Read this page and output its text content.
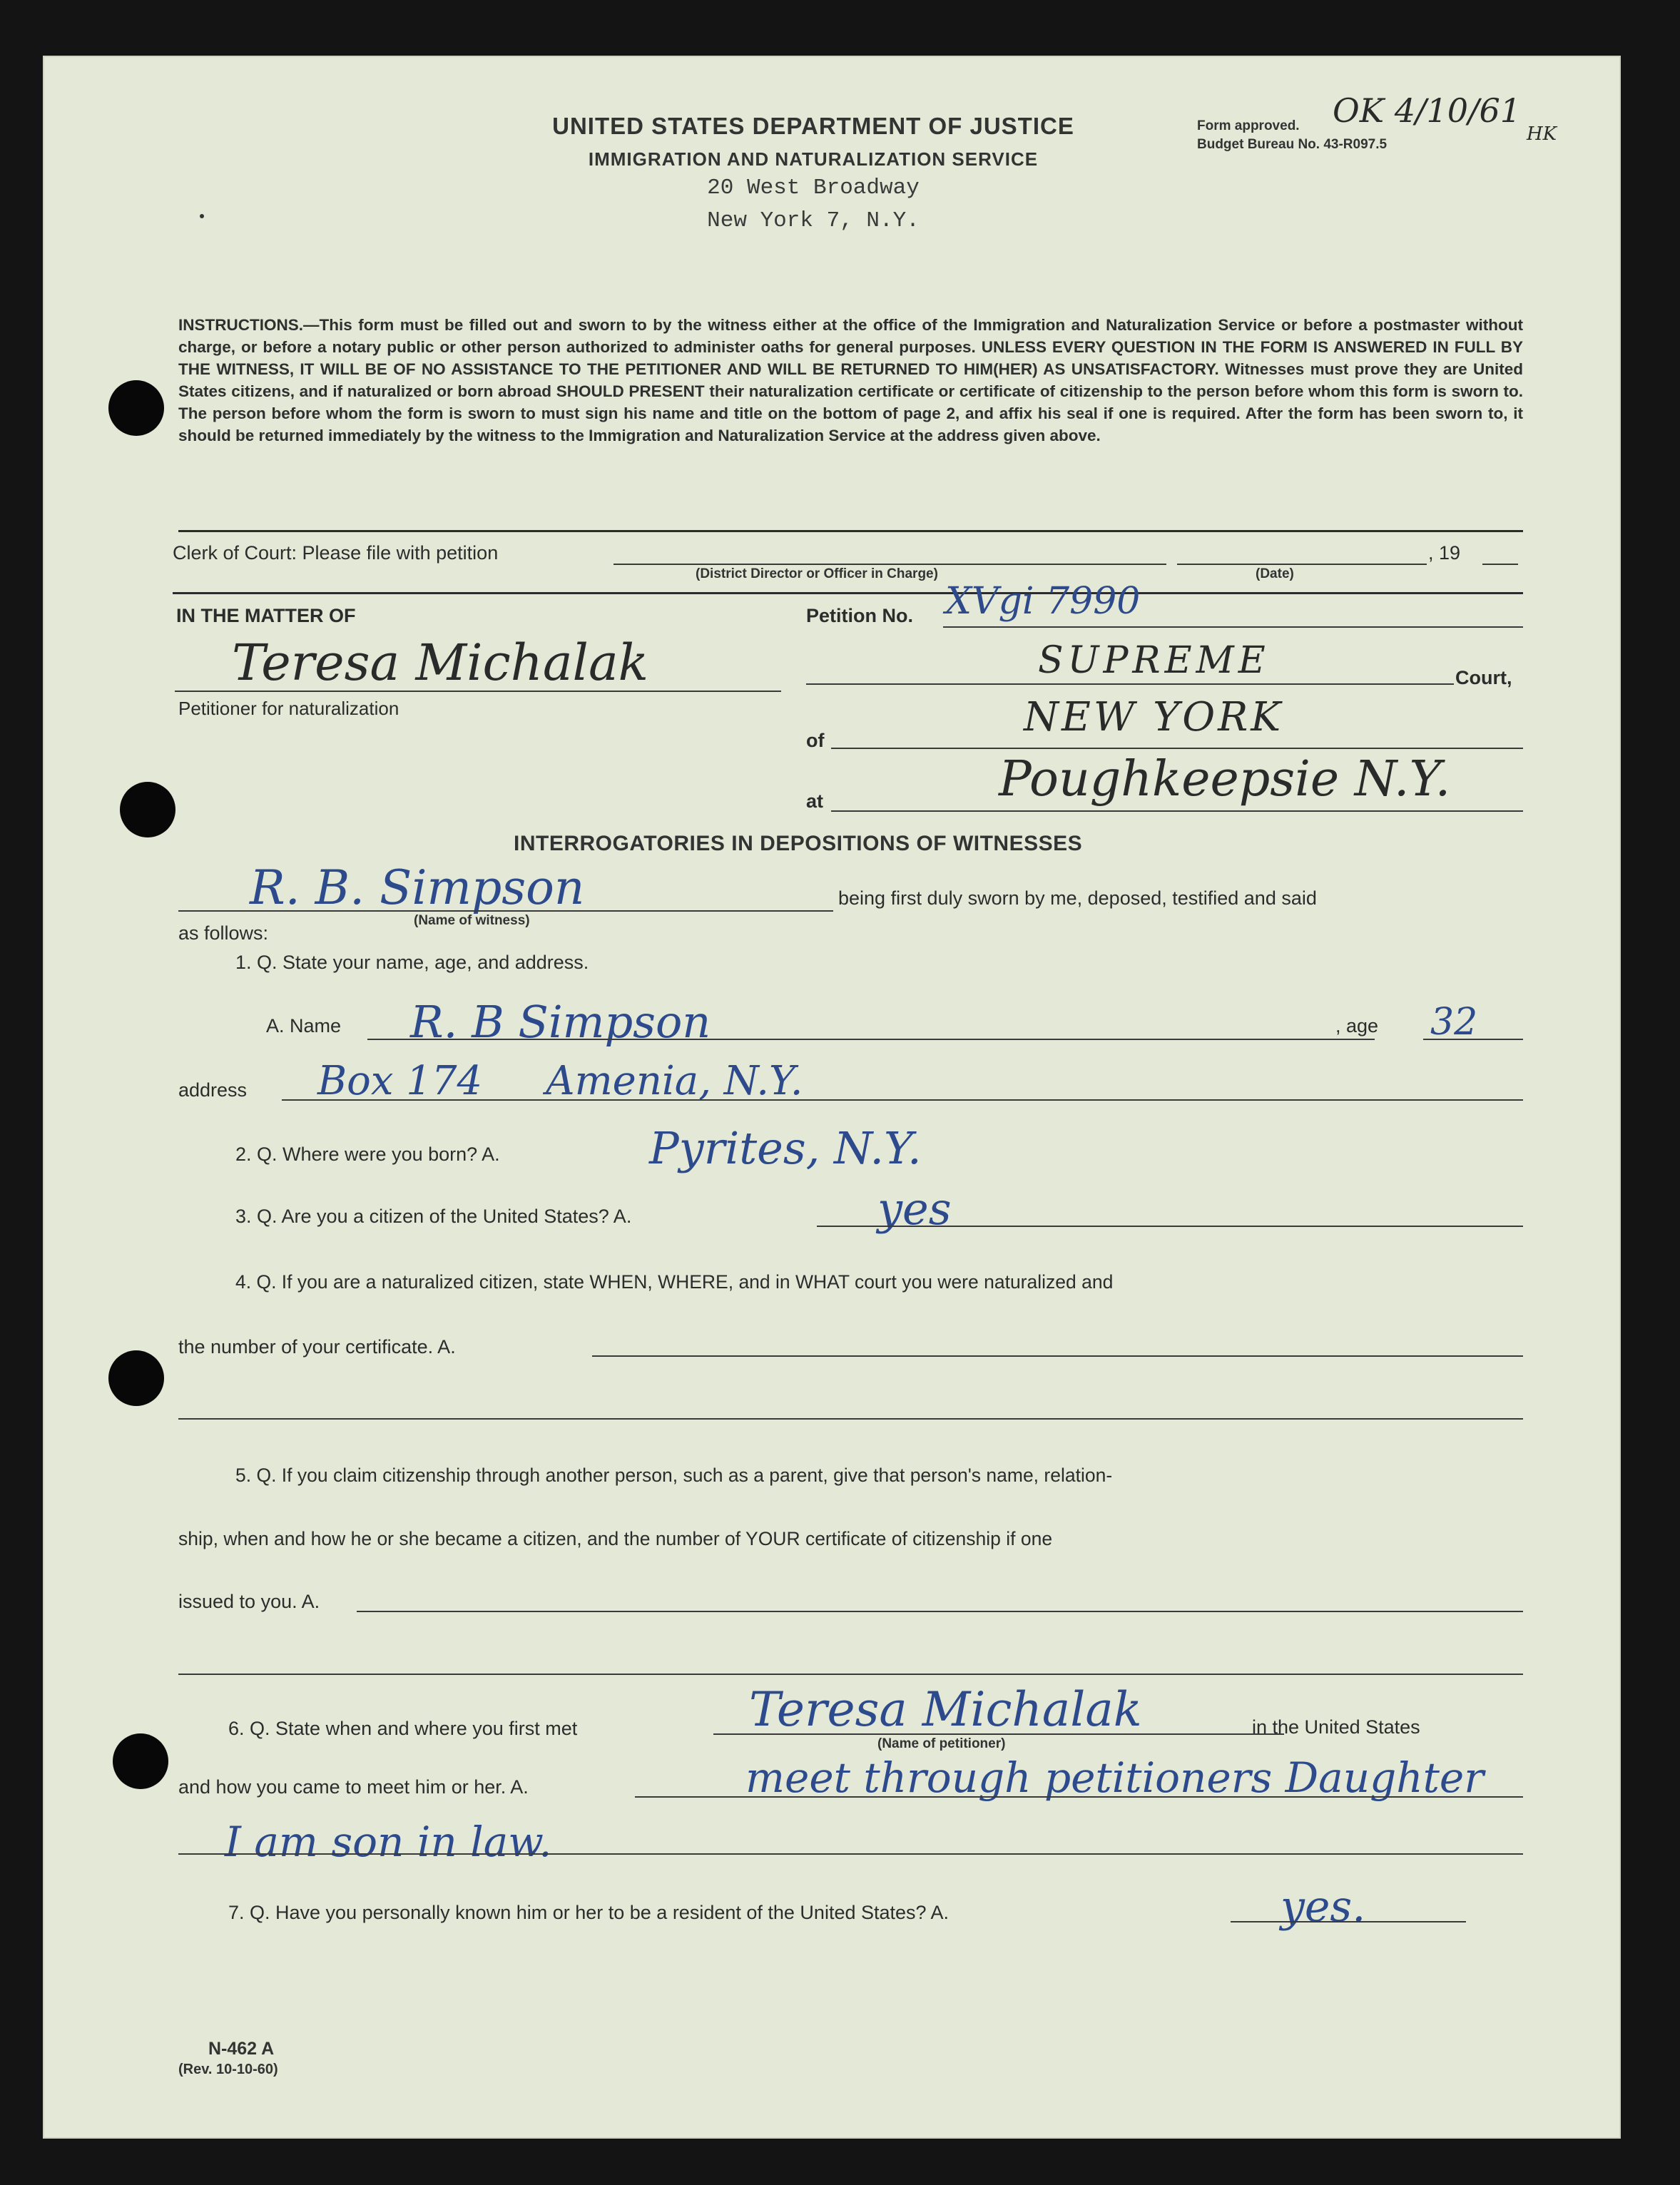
UNITED STATES DEPARTMENT OF JUSTICE
IMMIGRATION AND NATURALIZATION SERVICE
20 West Broadway
New York 7, N.Y.
Form approved.
Budget Bureau No. 43-R097.5
OK 4/10/61
HK
INSTRUCTIONS.—This form must be filled out and sworn to by the witness either at the office of the Immigration and Naturalization Service or before a postmaster without charge, or before a notary public or other person authorized to administer oaths for general purposes. UNLESS EVERY QUESTION IN THE FORM IS ANSWERED IN FULL BY THE WITNESS, IT WILL BE OF NO ASSISTANCE TO THE PETITIONER AND WILL BE RETURNED TO HIM(HER) AS UNSATISFACTORY. Witnesses must prove they are United States citizens, and if naturalized or born abroad SHOULD PRESENT their naturalization certificate or certificate of citizenship to the person before whom this form is sworn to. The person before whom the form is sworn to must sign his name and title on the bottom of page 2, and affix his seal if one is required. After the form has been sworn to, it should be returned immediately by the witness to the Immigration and Naturalization Service at the address given above.
Clerk of Court: Please file with petition	, 19
(District Director or Officer in Charge)	(Date)
IN THE MATTER OF
Teresa Michalak
Petitioner for naturalization
Petition No. XVgi 7990
SUPREME	Court,
of	NEW YORK
at	Poughkeepsie N.Y.
INTERROGATORIES IN DEPOSITIONS OF WITNESSES
R. B. Simpson
(Name of witness)
being first duly sworn by me, deposed, testified and said
as follows:
1. Q. State your name, age, and address.
A. Name R. B Simpson	, age 32
address Box 174     Amenia, N.Y.
2. Q. Where were you born? A.	Pyrites, N.Y.
3. Q. Are you a citizen of the United States? A.	yes
4. Q. If you are a naturalized citizen, state WHEN, WHERE, and in WHAT court you were naturalized and
the number of your certificate. A.
5. Q. If you claim citizenship through another person, such as a parent, give that person's name, relation-
ship, when and how he or she became a citizen, and the number of YOUR certificate of citizenship if one
issued to you. A.
6. Q. State when and where you first met	Teresa Michalak
(Name of petitioner)
in the United States
and how you came to meet him or her. A.	meet through petitioners Daughter
I am son in law.
7. Q. Have you personally known him or her to be a resident of the United States? A.	yes.
N-462 A
(Rev. 10-10-60)
